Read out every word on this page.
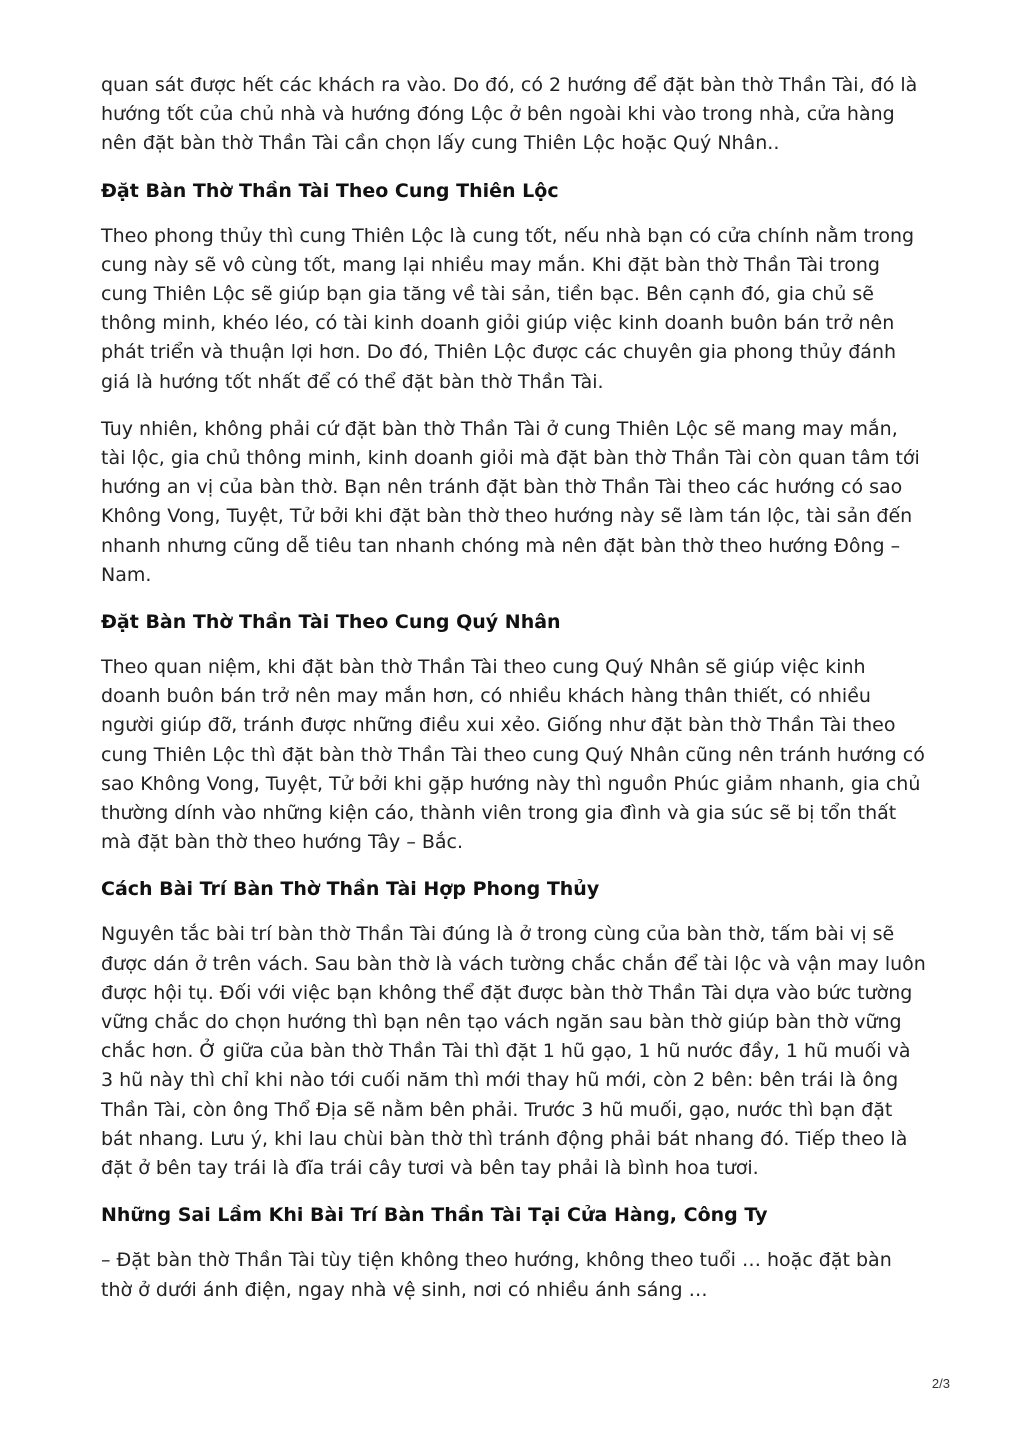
quan sát được hết các khách ra vào. Do đó, có 2 hướng để đặt bàn thờ Thần Tài, đó là hướng tốt của chủ nhà và hướng đóng Lộc ở bên ngoài khi vào trong nhà, cửa hàng nên đặt bàn thờ Thần Tài cần chọn lấy cung Thiên Lộc hoặc Quý Nhân..

Đặt Bàn Thờ Thần Tài Theo Cung Thiên Lộc

Theo phong thủy thì cung Thiên Lộc là cung tốt, nếu nhà bạn có cửa chính nằm trong cung này sẽ vô cùng tốt, mang lại nhiều may mắn. Khi đặt bàn thờ Thần Tài trong cung Thiên Lộc sẽ giúp bạn gia tăng về tài sản, tiền bạc. Bên cạnh đó, gia chủ sẽ thông minh, khéo léo, có tài kinh doanh giỏi giúp việc kinh doanh buôn bán trở nên phát triển và thuận lợi hơn. Do đó, Thiên Lộc được các chuyên gia phong thủy đánh giá là hướng tốt nhất để có thể đặt bàn thờ Thần Tài.

Tuy nhiên, không phải cứ đặt bàn thờ Thần Tài ở cung Thiên Lộc sẽ mang may mắn, tài lộc, gia chủ thông minh, kinh doanh giỏi mà đặt bàn thờ Thần Tài còn quan tâm tới hướng an vị của bàn thờ. Bạn nên tránh đặt bàn thờ Thần Tài theo các hướng có sao Không Vong, Tuyệt, Tử bởi khi đặt bàn thờ theo hướng này sẽ làm tán lộc, tài sản đến nhanh nhưng cũng dễ tiêu tan nhanh chóng mà nên đặt bàn thờ theo hướng Đông – Nam.

Đặt Bàn Thờ Thần Tài Theo Cung Quý Nhân

Theo quan niệm, khi đặt bàn thờ Thần Tài theo cung Quý Nhân sẽ giúp việc kinh doanh buôn bán trở nên may mắn hơn, có nhiều khách hàng thân thiết, có nhiều người giúp đỡ, tránh được những điều xui xẻo. Giống như đặt bàn thờ Thần Tài theo cung Thiên Lộc thì đặt bàn thờ Thần Tài theo cung Quý Nhân cũng nên tránh hướng có sao Không Vong, Tuyệt, Tử bởi khi gặp hướng này thì nguồn Phúc giảm nhanh, gia chủ thường dính vào những kiện cáo, thành viên trong gia đình và gia súc sẽ bị tổn thất mà đặt bàn thờ theo hướng Tây – Bắc.

Cách Bài Trí Bàn Thờ Thần Tài Hợp Phong Thủy

Nguyên tắc bài trí bàn thờ Thần Tài đúng là ở trong cùng của bàn thờ, tấm bài vị sẽ được dán ở trên vách. Sau bàn thờ là vách tường chắc chắn để tài lộc và vận may luôn được hội tụ. Đối với việc bạn không thể đặt được bàn thờ Thần Tài dựa vào bức tường vững chắc do chọn hướng thì bạn nên tạo vách ngăn sau bàn thờ giúp bàn thờ vững chắc hơn. Ở giữa của bàn thờ Thần Tài thì đặt 1 hũ gạo, 1 hũ nước đầy, 1 hũ muối và 3 hũ này thì chỉ khi nào tới cuối năm thì mới thay hũ mới, còn 2 bên: bên trái là ông Thần Tài, còn ông Thổ Địa sẽ nằm bên phải. Trước 3 hũ muối, gạo, nước thì bạn đặt bát nhang. Lưu ý, khi lau chùi bàn thờ thì tránh động phải bát nhang đó. Tiếp theo là đặt ở bên tay trái là đĩa trái cây tươi và bên tay phải là bình hoa tươi.

Những Sai Lầm Khi Bài Trí Bàn Thần Tài Tại Cửa Hàng, Công Ty

– Đặt bàn thờ Thần Tài tùy tiện không theo hướng, không theo tuổi … hoặc đặt bàn thờ ở dưới ánh điện, ngay nhà vệ sinh, nơi có nhiều ánh sáng …

2/3
